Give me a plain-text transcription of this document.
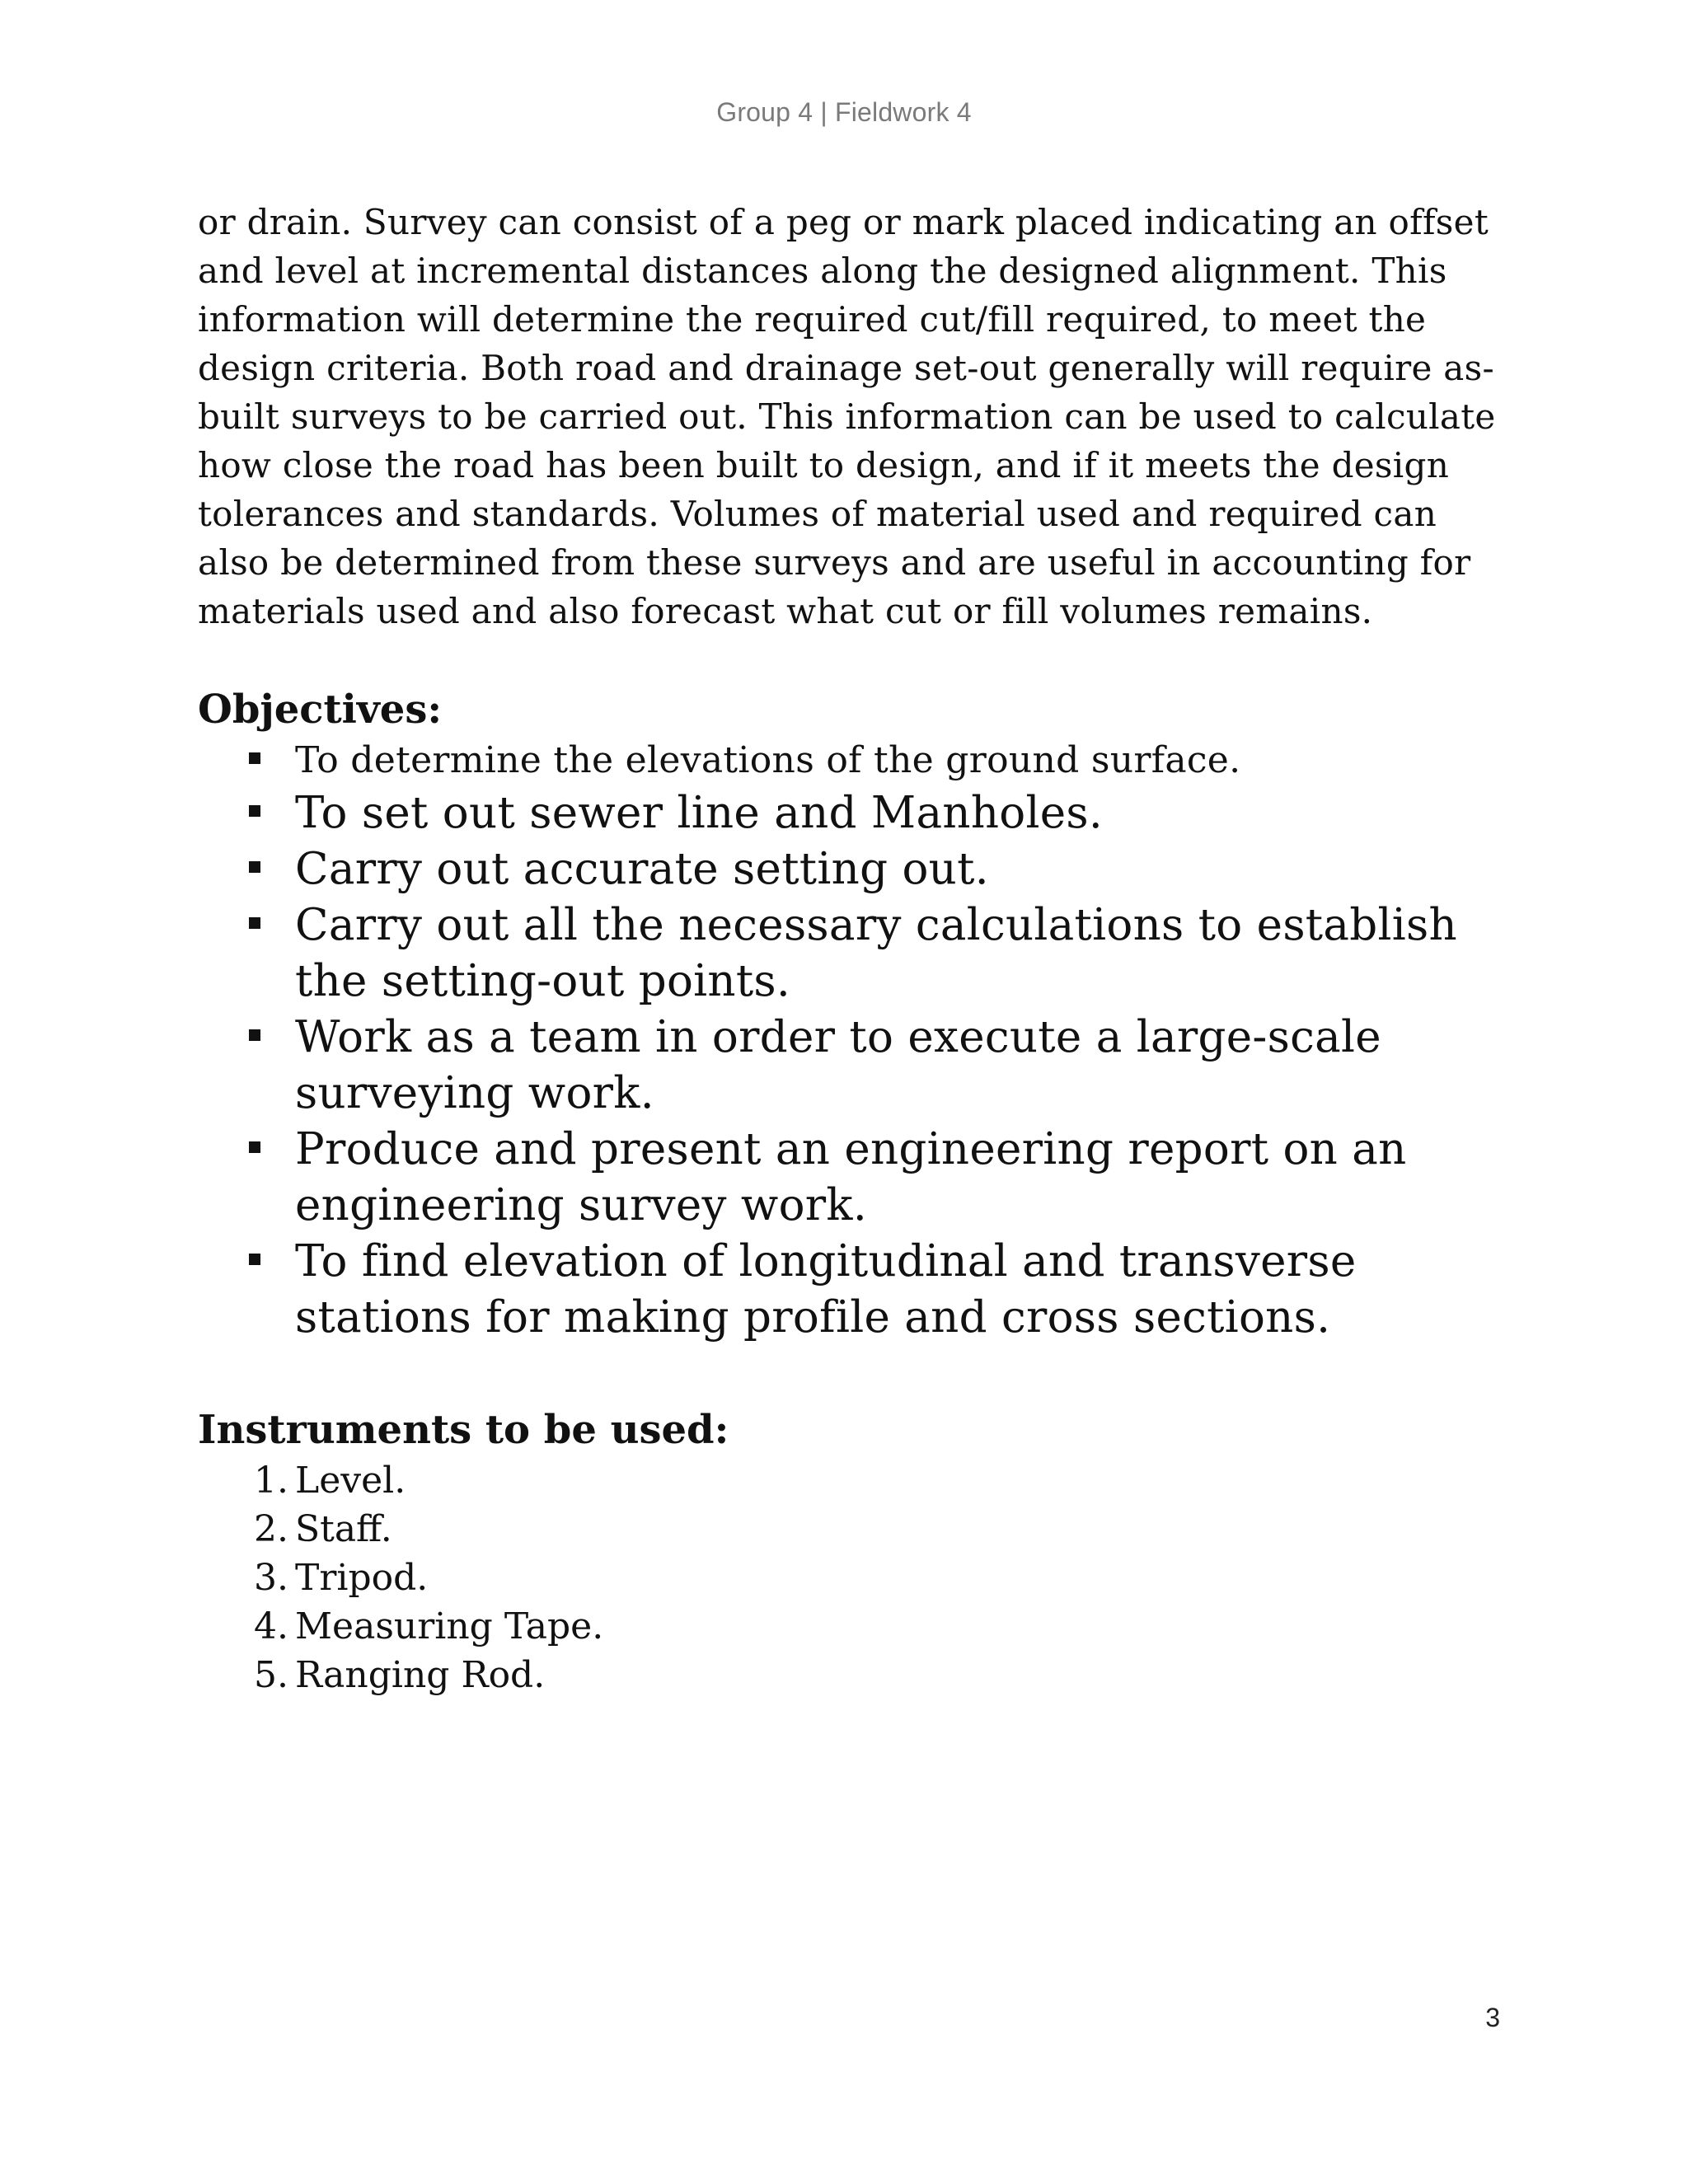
Group 4 | Fieldwork 4

or drain. Survey can consist of a peg or mark placed indicating an offset and level at incremental distances along the designed alignment. This information will determine the required cut/fill required, to meet the design criteria. Both road and drainage set-out generally will require as-built surveys to be carried out. This information can be used to calculate how close the road has been built to design, and if it meets the design tolerances and standards. Volumes of material used and required can also be determined from these surveys and are useful in accounting for materials used and also forecast what cut or fill volumes remains.

Objectives:
To determine the elevations of the ground surface.
To set out sewer line and Manholes.
Carry out accurate setting out.
Carry out all the necessary calculations to establish the setting-out points.
Work as a team in order to execute a large-scale surveying work.
Produce and present an engineering report on an engineering survey work.
To find elevation of longitudinal and transverse stations for making profile and cross sections.
Instruments to be used:
1. Level.
2. Staff.
3. Tripod.
4. Measuring Tape.
5. Ranging Rod.
3
